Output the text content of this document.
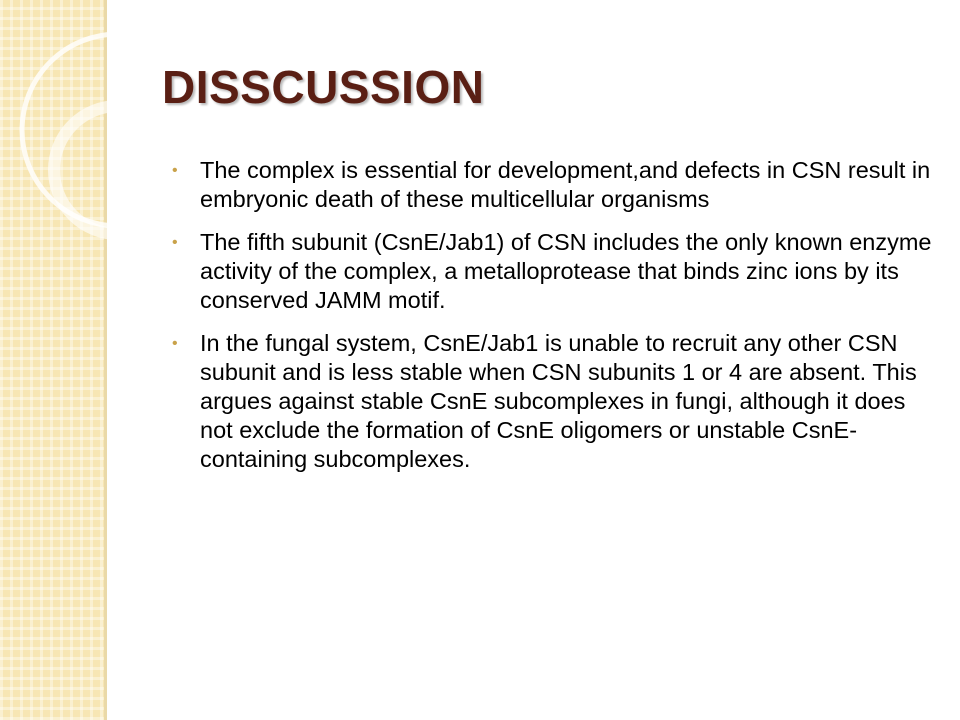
DISSCUSSION
• The complex is essential for development,and defects in CSN result in embryonic death of these multicellular organisms
• The fifth subunit (CsnE/Jab1) of CSN includes the only known enzyme activity of the complex, a metalloprotease that binds zinc ions by its conserved JAMM motif.
• In the fungal system, CsnE/Jab1 is unable to recruit any other CSN subunit and is less stable when CSN subunits 1 or 4 are absent. This argues against stable CsnE subcomplexes in fungi, although it does not exclude the formation of CsnE oligomers or unstable CsnE-containing subcomplexes.
